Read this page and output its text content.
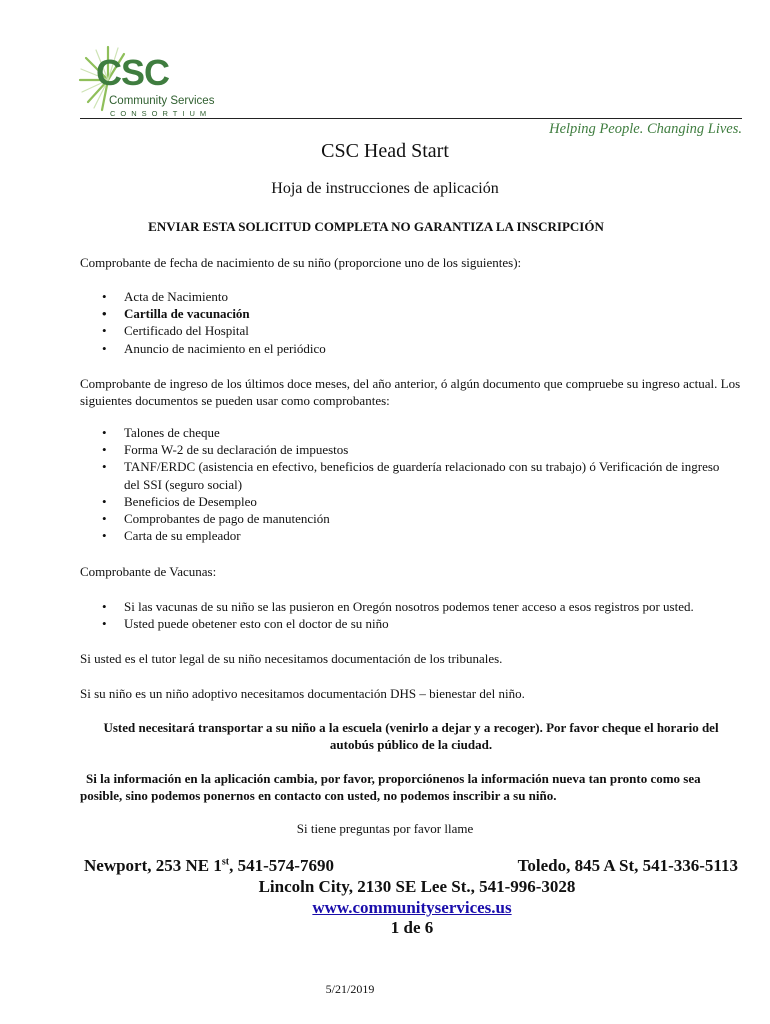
CSC
Community Services
CONSORTIUM
Helping People. Changing Lives.
CSC Head Start
Hoja de instrucciones de aplicación
ENVIAR ESTA SOLICITUD COMPLETA NO GARANTIZA LA INSCRIPCIÓN

Comprobante de fecha de nacimiento de su niño (proporcione uno de los siguientes):

• Acta de Nacimiento
• Cartilla de vacunación
• Certificado del Hospital
• Anuncio de nacimiento en el periódico

Comprobante de ingreso de los últimos doce meses, del año anterior, ó algún documento que compruebe su ingreso actual. Los siguientes documentos se pueden usar como comprobantes:

• Talones de cheque
• Forma W-2 de su declaración de impuestos
• TANF/ERDC (asistencia en efectivo, beneficios de guardería relacionado con su trabajo) ó Verificación de ingreso del SSI (seguro social)
• Beneficios de Desempleo
• Comprobantes de pago de manutención
• Carta de su empleador

Comprobante de Vacunas:

• Si las vacunas de su niño se las pusieron en Oregón nosotros podemos tener acceso a esos registros por usted.
• Usted puede obetener esto con el doctor de su niño

Si usted es el tutor legal de su niño necesitamos documentación de los tribunales.

Si su niño es un niño adoptivo necesitamos documentación DHS – bienestar del niño.

Usted necesitará transportar a su niño a la escuela (venirlo a dejar y a recoger). Por favor cheque el horario del autobús público de la ciudad.

Si la información en la aplicación cambia, por favor, proporciónenos la información nueva tan pronto como sea posible, sino podemos ponernos en contacto con usted, no podemos inscribir a su niño.

Si tiene preguntas por favor llame

Newport, 253 NE 1st, 541-574-7690	Toledo, 845 A St, 541-336-5113
Lincoln City, 2130 SE Lee St., 541-996-3028
www.communityservices.us
1 de 6
5/21/2019
